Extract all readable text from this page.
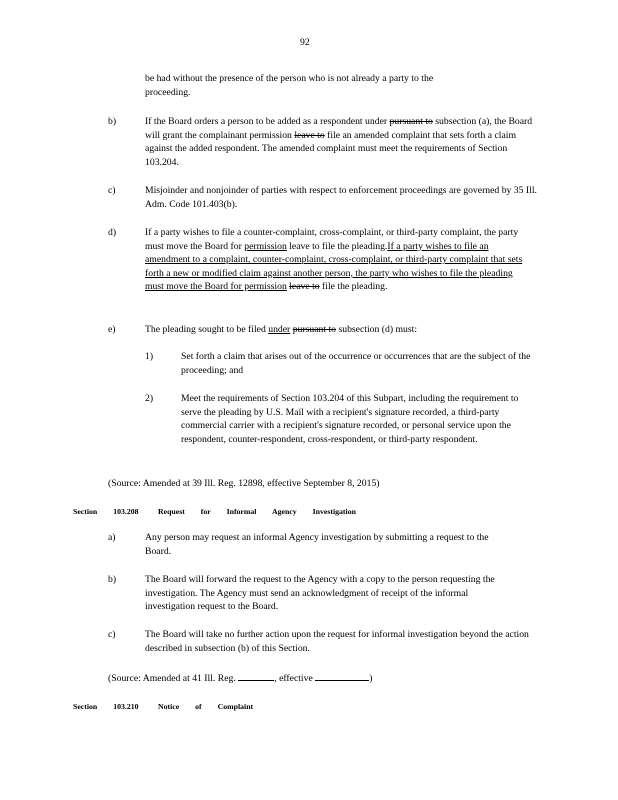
92
be had without the presence of the person who is not already a party to the
proceeding.
b)	If the Board orders a person to be added as a respondent under pursuant to subsection (a), the Board will grant the complainant permission leave to file an amended complaint that sets forth a claim against the added respondent. The amended complaint must meet the requirements of Section 103.204.
c)	Misjoinder and nonjoinder of parties with respect to enforcement proceedings are governed by 35 Ill. Adm. Code 101.403(b).
d)	If a party wishes to file a counter-complaint, cross-complaint, or third-party complaint, the party must move the Board for permission leave to file the pleading.If a party wishes to file an amendment to a complaint, counter-complaint, cross-complaint, or third-party complaint that sets forth a new or modified claim against another person, the party who wishes to file the pleading must move the Board for permission leave to file the pleading.
e)	The pleading sought to be filed under pursuant to subsection (d) must:
1)	Set forth a claim that arises out of the occurrence or occurrences that are the subject of the proceeding; and
2)	Meet the requirements of Section 103.204 of this Subpart, including the requirement to serve the pleading by U.S. Mail with a recipient's signature recorded, a third-party commercial carrier with a recipient's signature recorded, or personal service upon the respondent, counter-respondent, cross-respondent, or third-party respondent.
(Source: Amended at 39 Ill. Reg. 12898, effective September 8, 2015)
Section 103.208 Request for Informal Agency Investigation
a)	Any person may request an informal Agency investigation by submitting a request to the Board.
b)	The Board will forward the request to the Agency with a copy to the person requesting the investigation. The Agency must send an acknowledgment of receipt of the informal investigation request to the Board.
c)	The Board will take no further action upon the request for informal investigation beyond the action described in subsection (b) of this Section.
(Source: Amended at 41 Ill. Reg.	, effective	)
Section 103.210 Notice of Complaint
